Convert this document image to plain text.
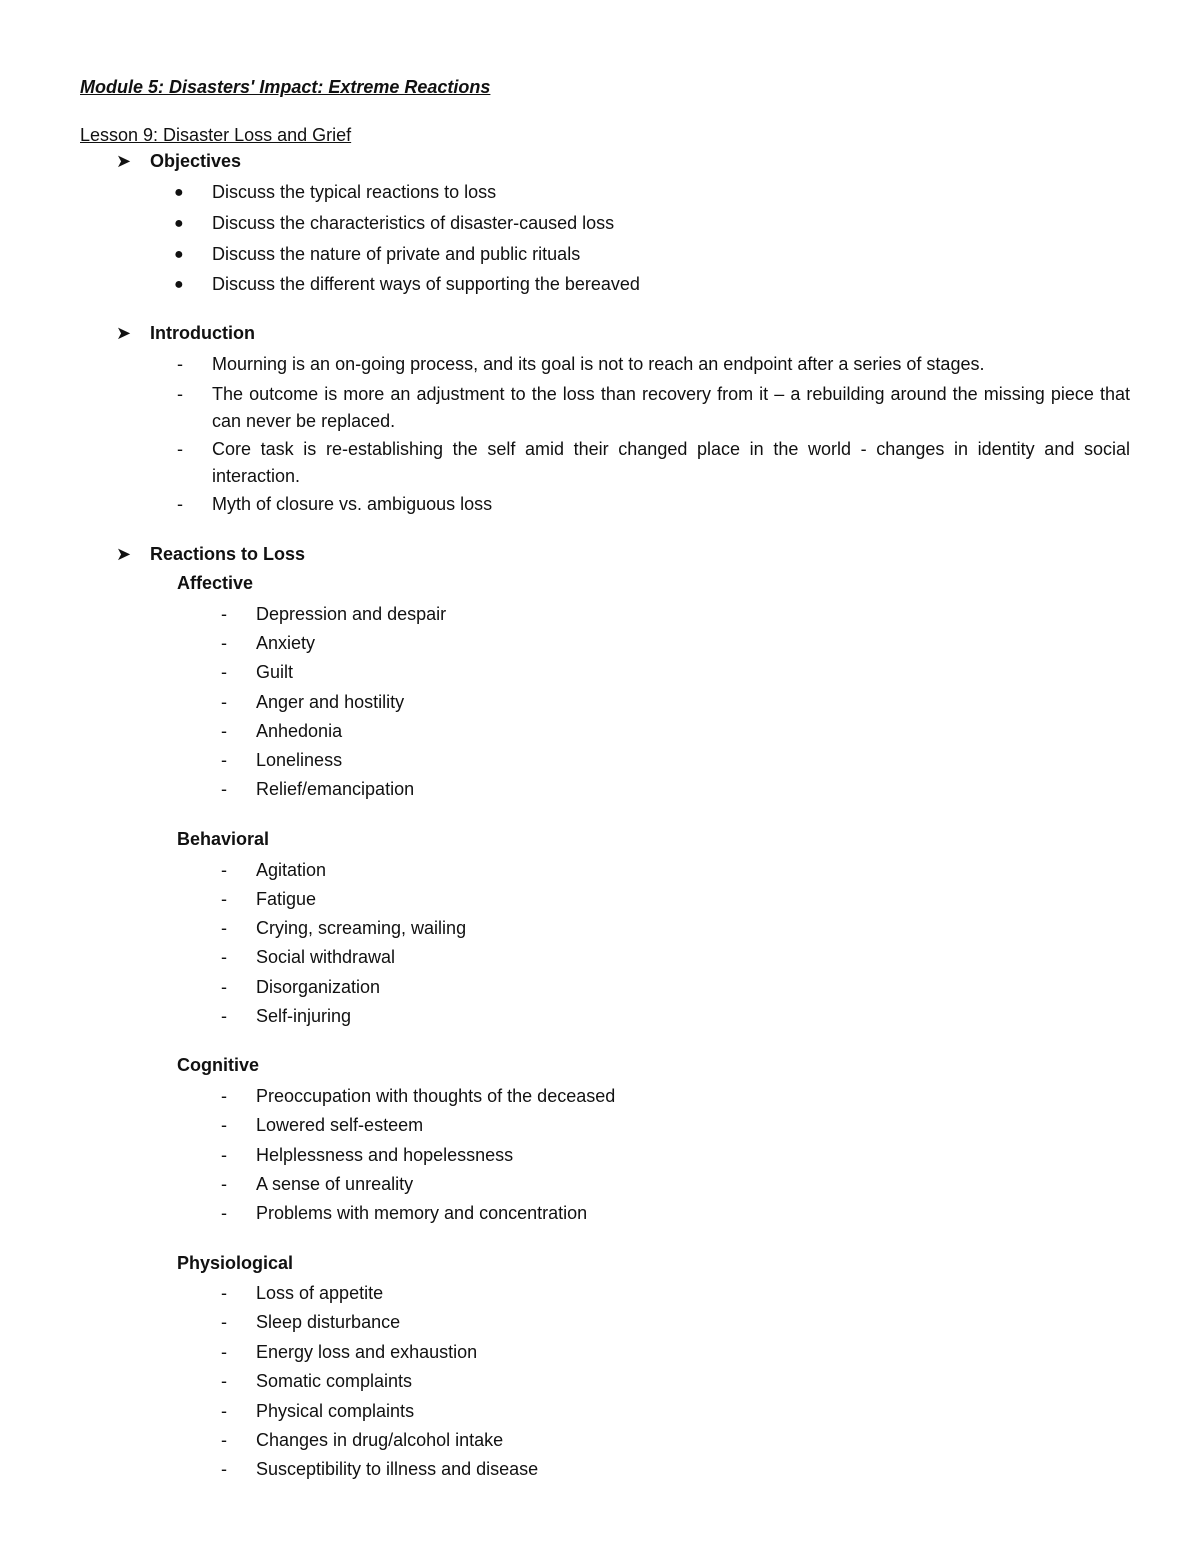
Module 5: Disasters' Impact: Extreme Reactions
Lesson 9: Disaster Loss and Grief
➤ Objectives
● Discuss the typical reactions to loss
● Discuss the characteristics of disaster-caused loss
● Discuss the nature of private and public rituals
● Discuss the different ways of supporting the bereaved
➤ Introduction
- Mourning is an on-going process, and its goal is not to reach an endpoint after a series of stages.
- The outcome is more an adjustment to the loss than recovery from it – a rebuilding around the missing piece that can never be replaced.
- Core task is re-establishing the self amid their changed place in the world - changes in identity and social interaction.
- Myth of closure vs. ambiguous loss
➤ Reactions to Loss
Affective
- Depression and despair
- Anxiety
- Guilt
- Anger and hostility
- Anhedonia
- Loneliness
- Relief/emancipation
Behavioral
- Agitation
- Fatigue
- Crying, screaming, wailing
- Social withdrawal
- Disorganization
- Self-injuring
Cognitive
- Preoccupation with thoughts of the deceased
- Lowered self-esteem
- Helplessness and hopelessness
- A sense of unreality
- Problems with memory and concentration
Physiological
- Loss of appetite
- Sleep disturbance
- Energy loss and exhaustion
- Somatic complaints
- Physical complaints
- Changes in drug/alcohol intake
- Susceptibility to illness and disease
